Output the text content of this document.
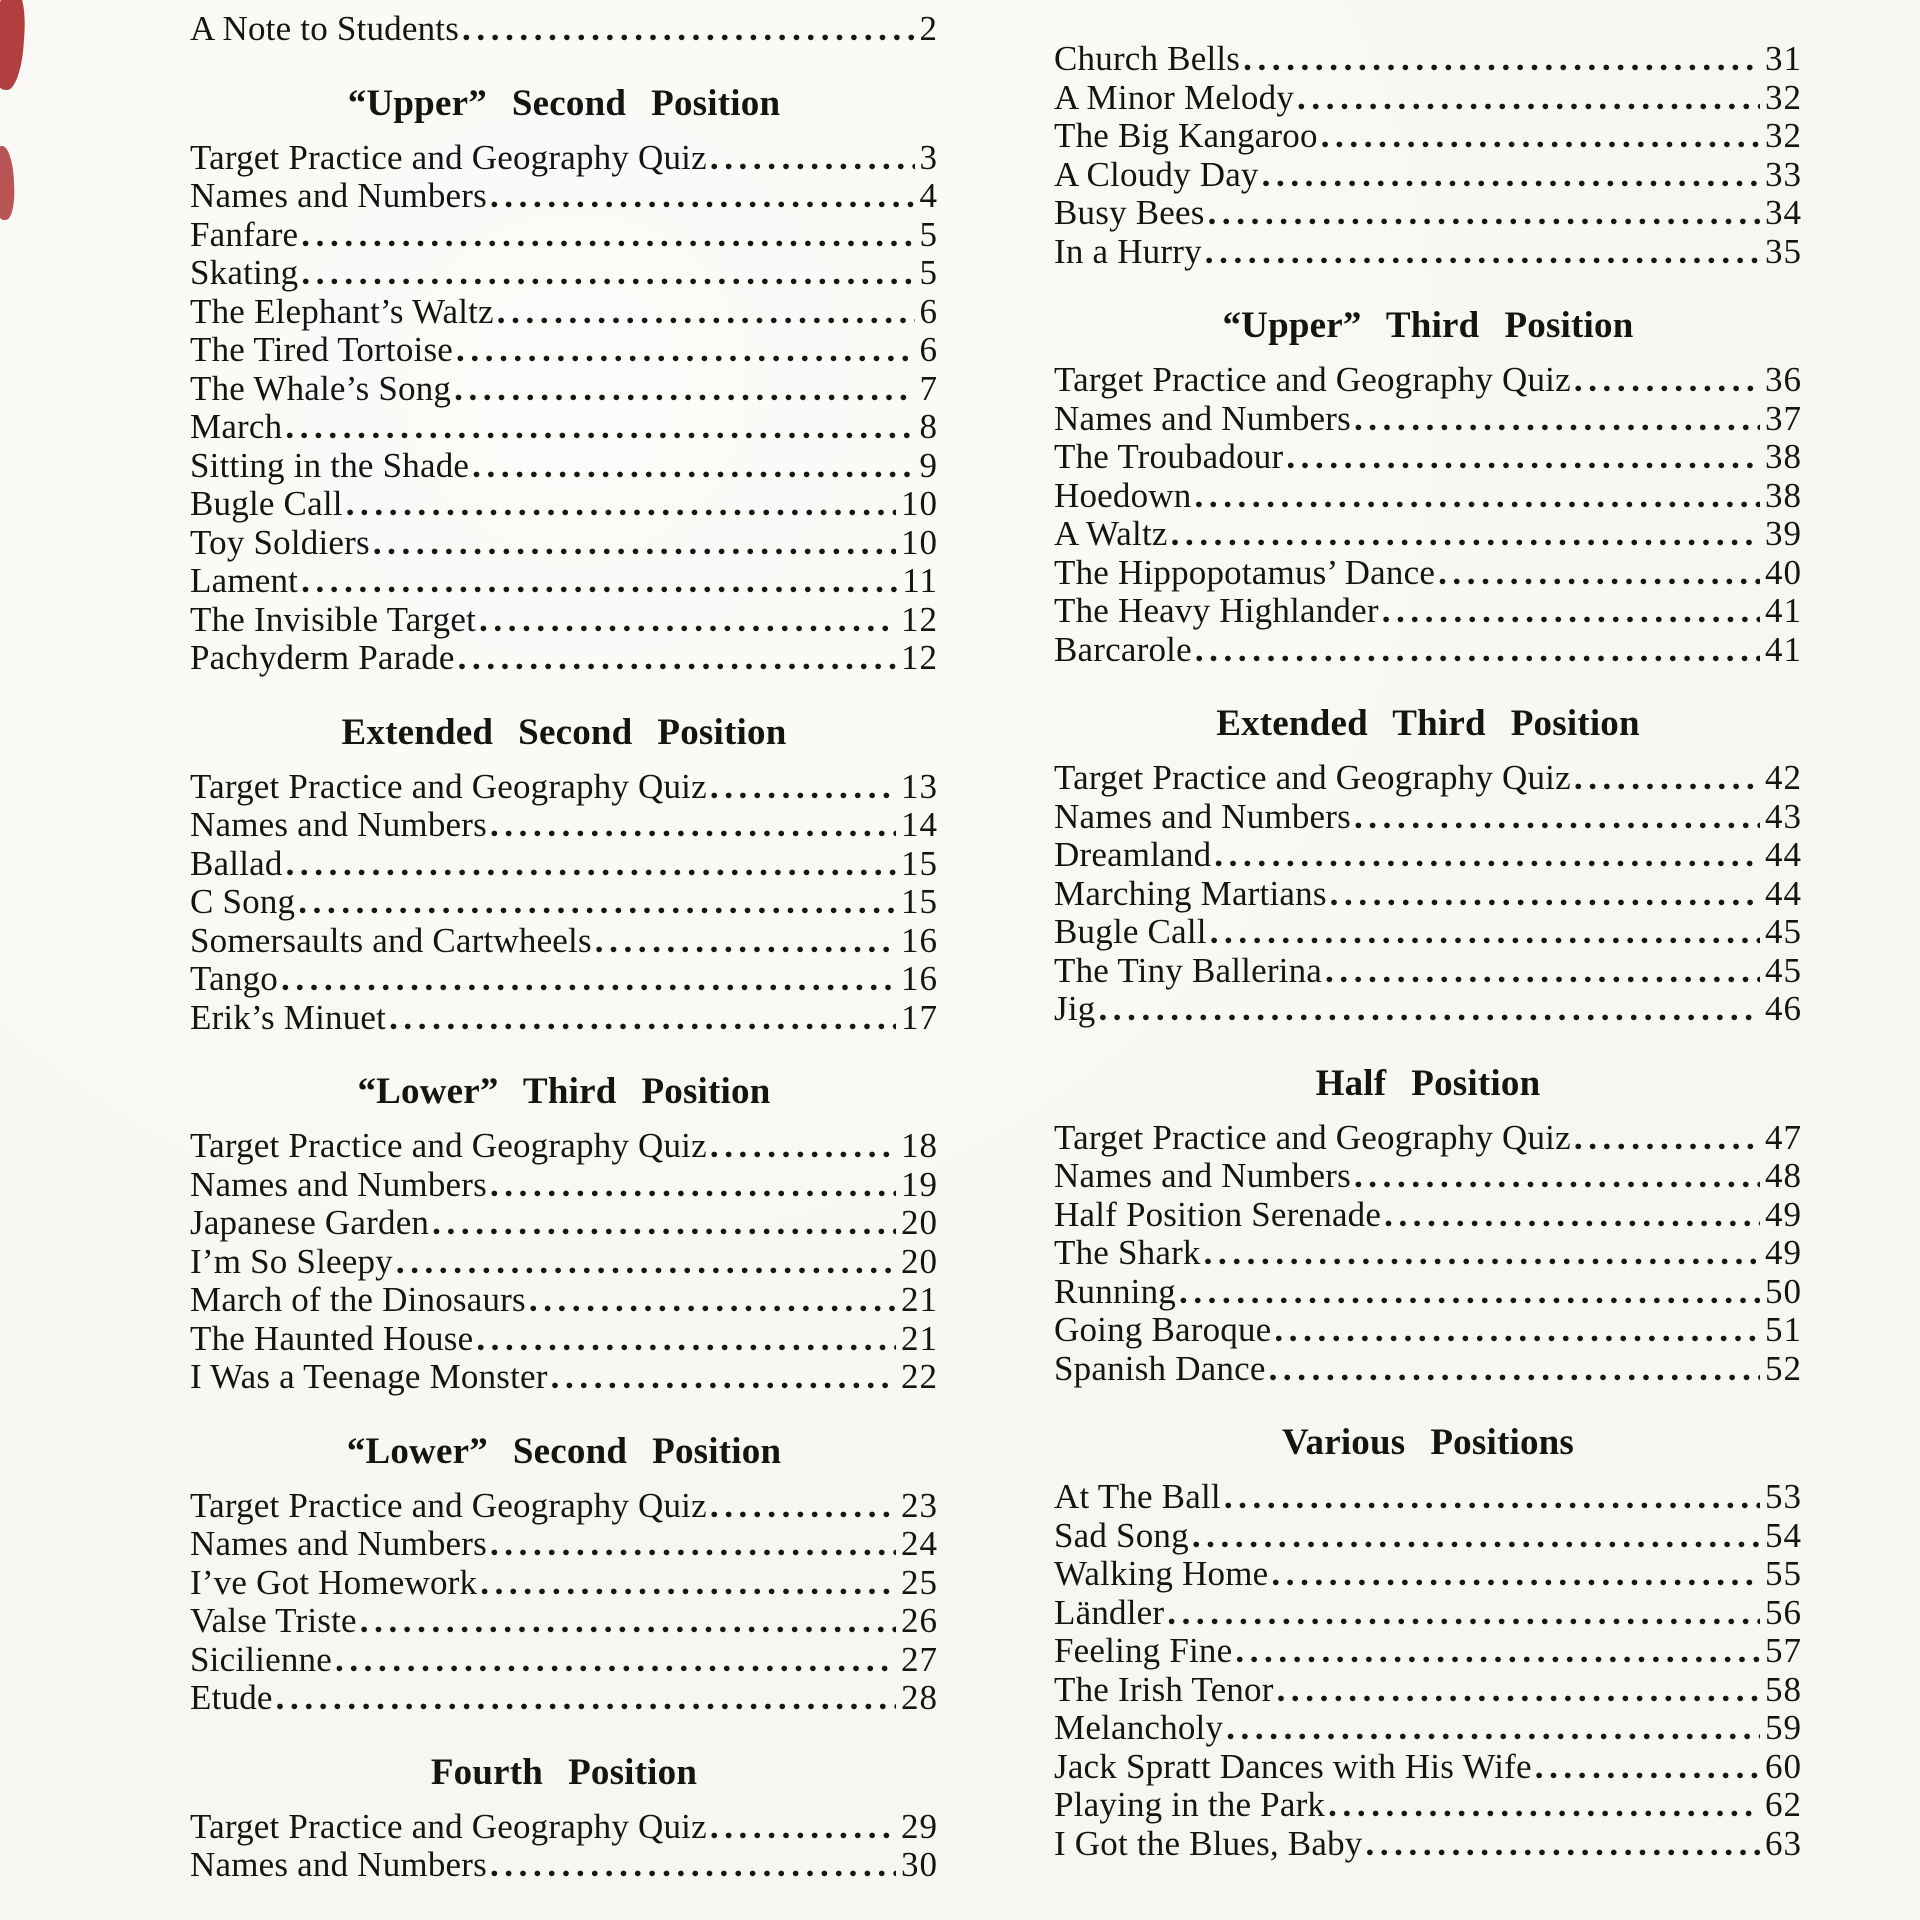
A Note to Students .....	2
“Upper” Second Position
Target Practice and Geography Quiz .....	3
Names and Numbers .....	4
Fanfare .....	5
Skating .....	5
The Elephant’s Waltz .....	6
The Tired Tortoise .....	6
The Whale’s Song .....	7
March .....	8
Sitting in the Shade .....	9
Bugle Call .....	10
Toy Soldiers .....	10
Lament .....	11
The Invisible Target .....	12
Pachyderm Parade .....	12
Extended Second Position
Target Practice and Geography Quiz .....	13
Names and Numbers .....	14
Ballad .....	15
C Song .....	15
Somersaults and Cartwheels .....	16
Tango .....	16
Erik’s Minuet .....	17
“Lower” Third Position
Target Practice and Geography Quiz .....	18
Names and Numbers .....	19
Japanese Garden .....	20
I’m So Sleepy .....	20
March of the Dinosaurs .....	21
The Haunted House .....	21
I Was a Teenage Monster .....	22
“Lower” Second Position
Target Practice and Geography Quiz .....	23
Names and Numbers .....	24
I’ve Got Homework .....	25
Valse Triste .....	26
Sicilienne .....	27
Etude .....	28
Fourth Position
Target Practice and Geography Quiz .....	29
Names and Numbers .....	30
Church Bells .....	31
A Minor Melody .....	32
The Big Kangaroo .....	32
A Cloudy Day .....	33
Busy Bees .....	34
In a Hurry .....	35
“Upper” Third Position
Target Practice and Geography Quiz .....	36
Names and Numbers .....	37
The Troubadour .....	38
Hoedown .....	38
A Waltz .....	39
The Hippopotamus’ Dance .....	40
The Heavy Highlander .....	41
Barcarole .....	41
Extended Third Position
Target Practice and Geography Quiz .....	42
Names and Numbers .....	43
Dreamland .....	44
Marching Martians .....	44
Bugle Call .....	45
The Tiny Ballerina .....	45
Jig .....	46
Half Position
Target Practice and Geography Quiz .....	47
Names and Numbers .....	48
Half Position Serenade .....	49
The Shark .....	49
Running .....	50
Going Baroque .....	51
Spanish Dance .....	52
Various Positions
At The Ball .....	53
Sad Song .....	54
Walking Home .....	55
Ländler .....	56
Feeling Fine .....	57
The Irish Tenor .....	58
Melancholy .....	59
Jack Spratt Dances with His Wife .....	60
Playing in the Park .....	62
I Got the Blues, Baby .....	63
